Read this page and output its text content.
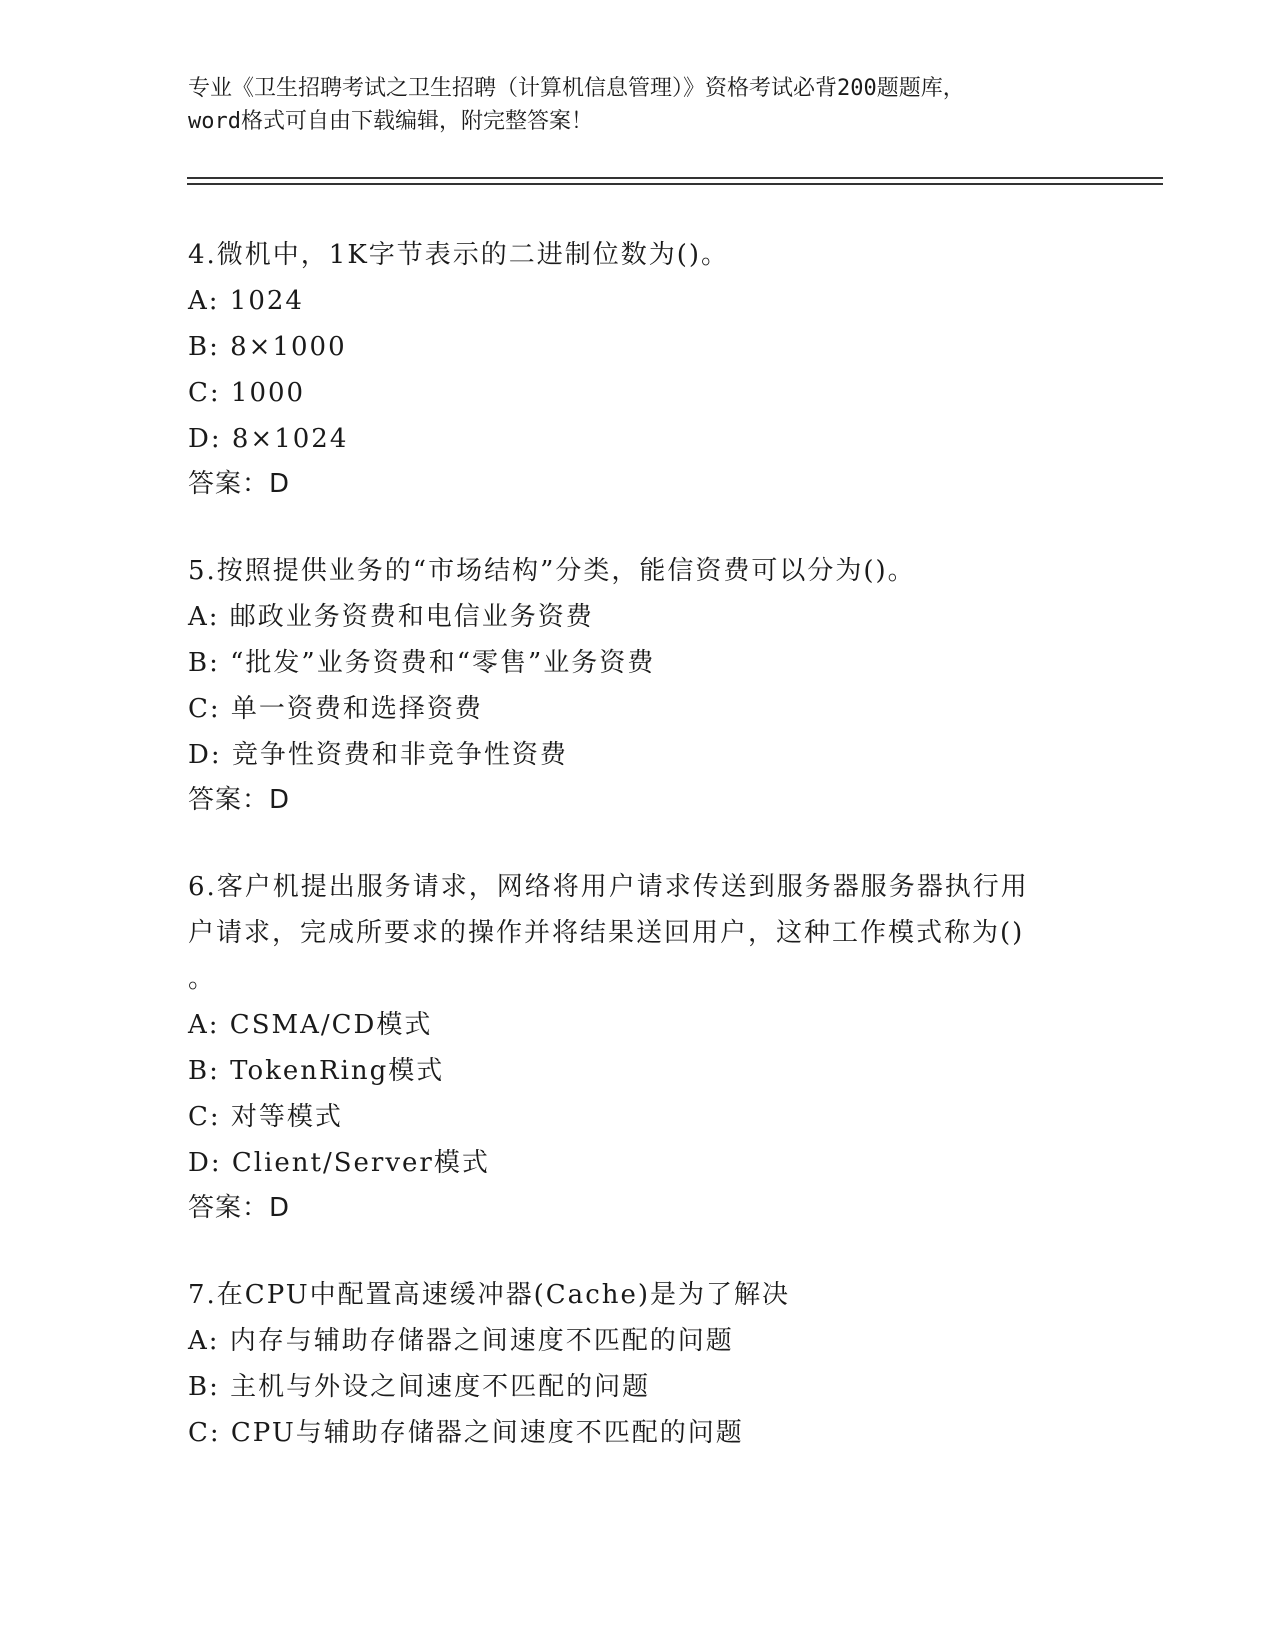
专业《卫生招聘考试之卫生招聘（计算机信息管理）》资格考试必背200题题库，
word格式可自由下载编辑，附完整答案！
4.微机中，1K字节表示的二进制位数为()。
A: 1024
B: 8×1000
C: 1000
D: 8×1024
答案：D
5.按照提供业务的“市场结构”分类，能信资费可以分为()。
A: 邮政业务资费和电信业务资费
B: “批发”业务资费和“零售”业务资费
C: 单一资费和选择资费
D: 竞争性资费和非竞争性资费
答案：D
6.客户机提出服务请求，网络将用户请求传送到服务器服务器执行用
户请求，完成所要求的操作并将结果送回用户，这种工作模式称为()
。
A: CSMA/CD模式
B: TokenRing模式
C: 对等模式
D: Client/Server模式
答案：D
7.在CPU中配置高速缓冲器(Cache)是为了解决
A: 内存与辅助存储器之间速度不匹配的问题
B: 主机与外设之间速度不匹配的问题
C: CPU与辅助存储器之间速度不匹配的问题
